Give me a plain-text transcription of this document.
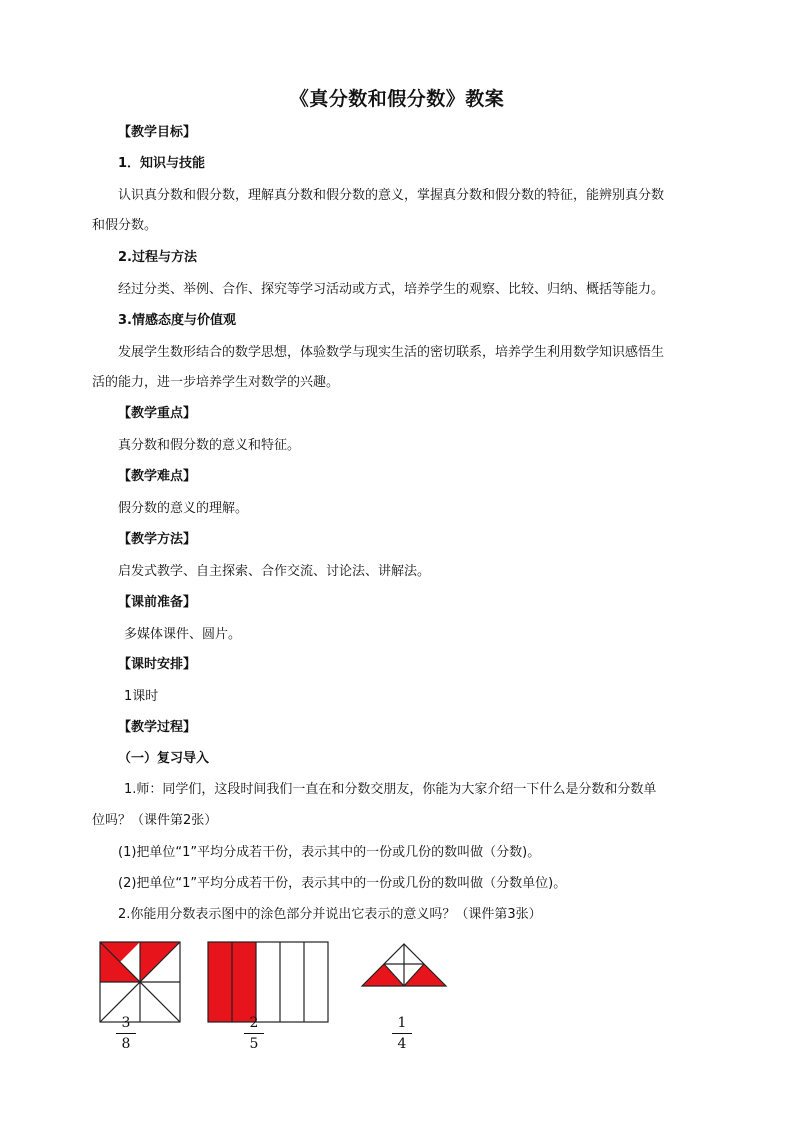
《真分数和假分数》教案
【教学目标】
1．知识与技能
认识真分数和假分数，理解真分数和假分数的意义，掌握真分数和假分数的特征，能辨别真分数
和假分数。
2.过程与方法
经过分类、举例、合作、探究等学习活动或方式，培养学生的观察、比较、归纳、概括等能力。
3.情感态度与价值观
发展学生数形结合的数学思想，体验数学与现实生活的密切联系，培养学生利用数学知识感悟生
活的能力，进一步培养学生对数学的兴趣。
【教学重点】
真分数和假分数的意义和特征。
【教学难点】
假分数的意义的理解。
【教学方法】
启发式教学、自主探索、合作交流、讨论法、讲解法。
【课前准备】
多媒体课件、圆片。
【课时安排】
1课时
【教学过程】
（一）复习导入
1.师：同学们，这段时间我们一直在和分数交朋友，你能为大家介绍一下什么是分数和分数单
位吗？（课件第2张）
(1)把单位“1”平均分成若干份，表示其中的一份或几份的数叫做（分数)。
(2)把单位“1”平均分成若干份，表示其中的一份或几份的数叫做（分数单位)。
2.你能用分数表示图中的涂色部分并说出它表示的意义吗？（课件第3张）
3
8
2
5
1
4
